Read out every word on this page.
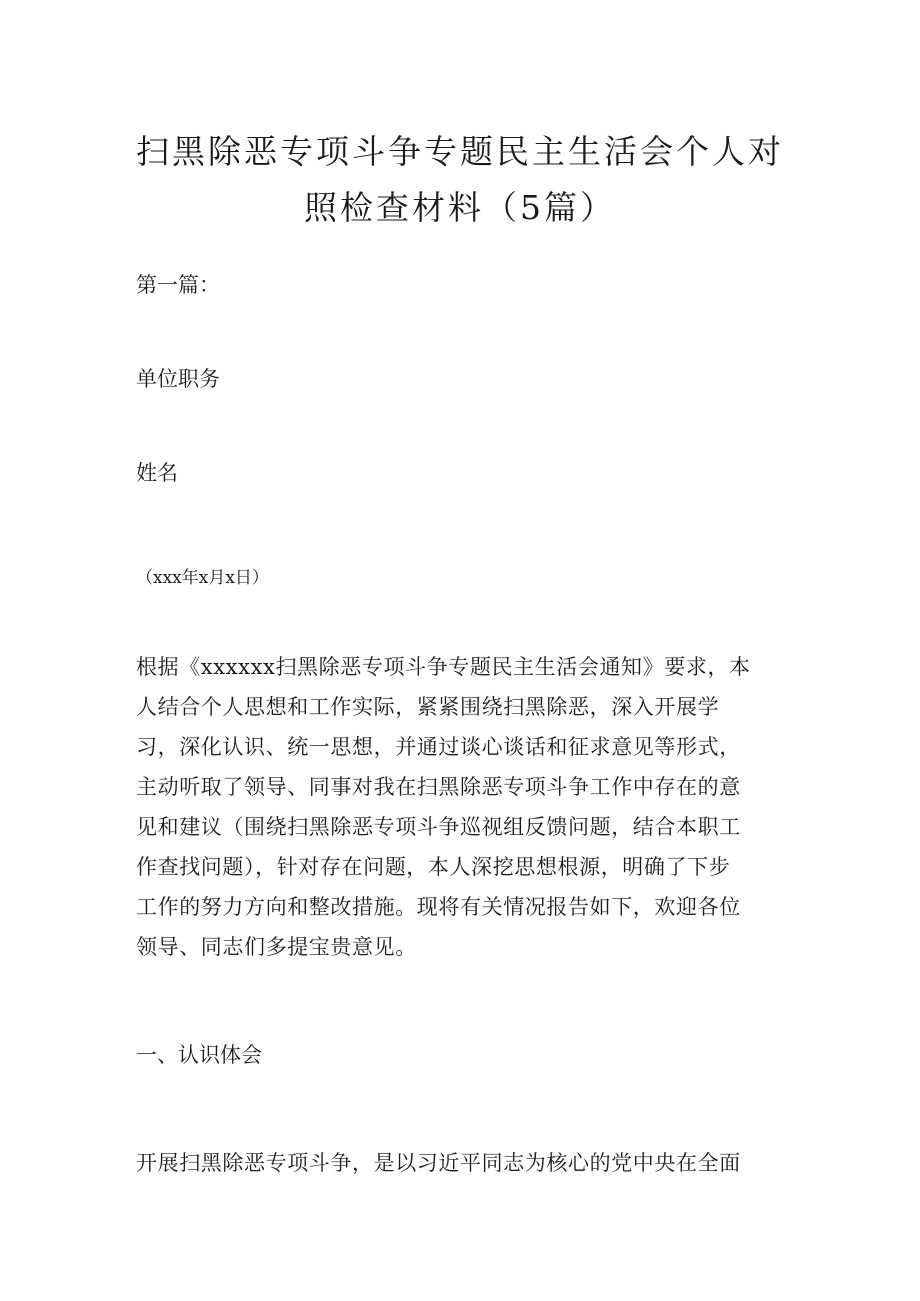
扫黑除恶专项斗争专题民主生活会个人对
照检查材料（5篇）

第一篇：

单位职务

姓名

（xxx年x月x日）

根据《xxxxxx扫黑除恶专项斗争专题民主生活会通知》要求，本
人结合个人思想和工作实际，紧紧围绕扫黑除恶，深入开展学
习，深化认识、统一思想，并通过谈心谈话和征求意见等形式，
主动听取了领导、同事对我在扫黑除恶专项斗争工作中存在的意
见和建议（围绕扫黑除恶专项斗争巡视组反馈问题，结合本职工
作查找问题），针对存在问题，本人深挖思想根源，明确了下步
工作的努力方向和整改措施。现将有关情况报告如下，欢迎各位
领导、同志们多提宝贵意见。

一、认识体会

开展扫黑除恶专项斗争，是以习近平同志为核心的党中央在全面
